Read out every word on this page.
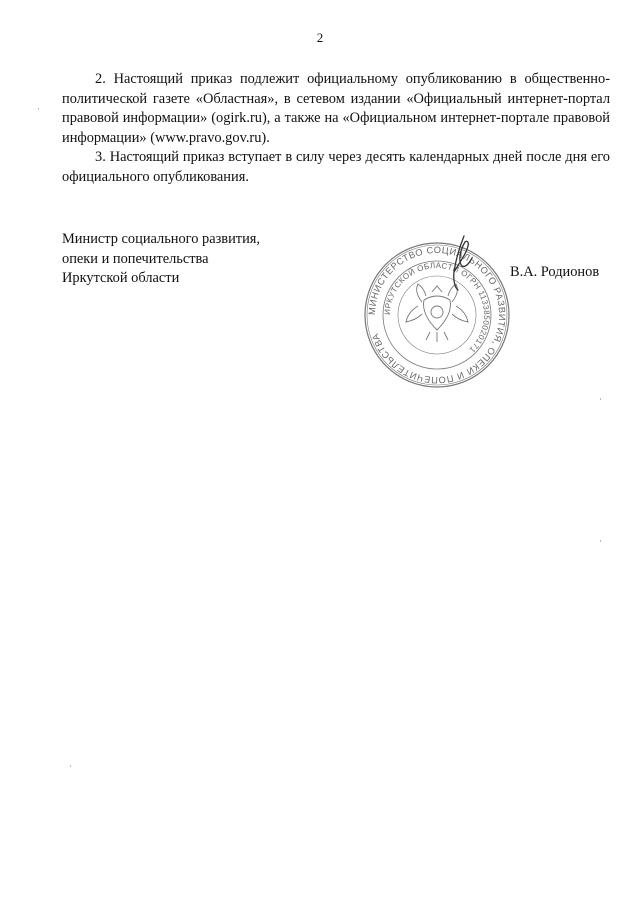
2

2. Настоящий приказ подлежит официальному опубликованию в общественно-политической газете «Областная», в сетевом издании «Официальный интернет-портал правовой информации» (ogirk.ru), а также на «Официальном интернет-портале правовой информации» (www.pravo.gov.ru).

3. Настоящий приказ вступает в силу через десять календарных дней после дня его официального опубликования.

Министр социального развития,
опеки и попечительства
Иркутской области	В.А. Родионов
МИНИСТЕРСТВО СОЦИАЛЬНОГО РАЗВИТИЯ, ОПЕКИ И ПОПЕЧИТЕЛЬСТВА
ИРКУТСКОЙ ОБЛАСТИ ОГРН 1133850020171
